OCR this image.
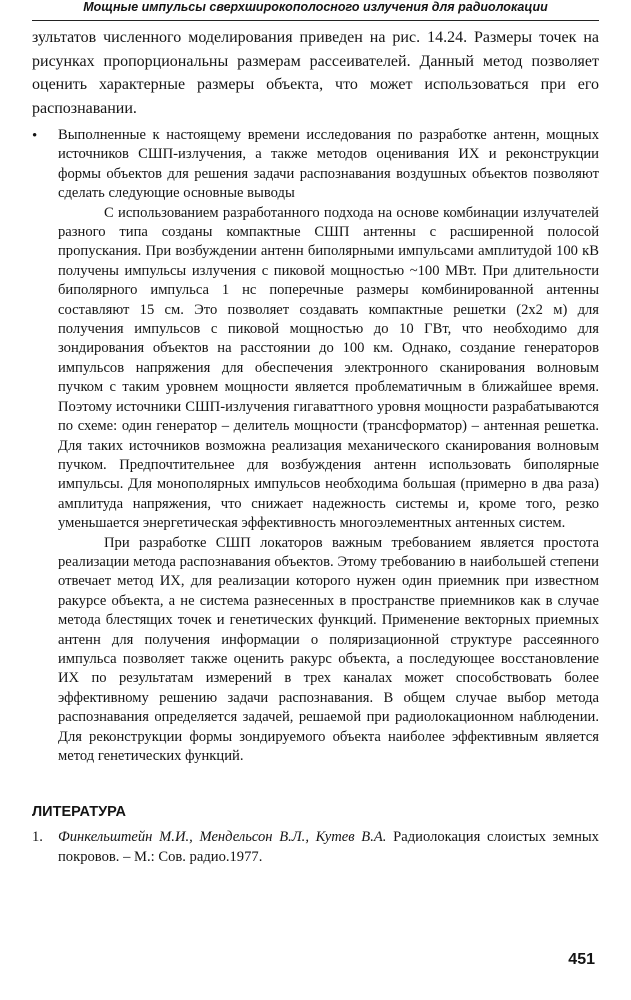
Мощные импульсы сверхширокополосного излучения для радиолокации

зультатов численного моделирования приведен на рис. 14.24. Размеры точек на рисунках пропорциональны размерам рассеивателей. Данный метод позволяет оценить характерные размеры объекта, что может использоваться при его распознавании.

•	Выполненные к настоящему времени исследования по разработке антенн, мощных источников СШП-излучения, а также методов оценивания ИХ и реконструкции формы объектов для решения задачи распознавания воздушных объектов позволяют сделать следующие основные выводы

С использованием разработанного подхода на основе комбинации излучателей разного типа созданы компактные СШП антенны с расширенной полосой пропускания. При возбуждении антенн биполярными импульсами амплитудой 100 кВ получены импульсы излучения с пиковой мощностью ~100 МВт. При длительности биполярного импульса 1 нс поперечные размеры комбинированной антенны составляют 15 см. Это позволяет создавать компактные решетки (2х2 м) для получения импульсов с пиковой мощностью до 10 ГВт, что необходимо для зондирования объектов на расстоянии до 100 км. Однако, создание генераторов импульсов напряжения для обеспечения электронного сканирования волновым пучком с таким уровнем мощности является проблематичным в ближайшее время. Поэтому источники СШП-излучения гигаваттного уровня мощности разрабатываются по схеме: один генератор – делитель мощности (трансформатор) – антенная решетка. Для таких источников возможна реализация механического сканирования волновым пучком. Предпочтительнее для возбуждения антенн использовать биполярные импульсы. Для монополярных импульсов необходима большая (примерно в два раза) амплитуда напряжения, что снижает надежность системы и, кроме того, резко уменьшается энергетическая эффективность многоэлементных антенных систем.

При разработке СШП локаторов важным требованием является простота реализации метода распознавания объектов. Этому требованию в наибольшей степени отвечает метод ИХ, для реализации которого нужен один приемник при известном ракурсе объекта, а не система разнесенных в пространстве приемников как в случае метода блестящих точек и генетических функций. Применение векторных приемных антенн для получения информации о поляризационной структуре рассеянного импульса позволяет также оценить ракурс объекта, а последующее восстановление ИХ по результатам измерений в трех каналах может способствовать более эффективному решению задачи распознавания. В общем случае выбор метода распознавания определяется задачей, решаемой при радиолокационном наблюдении. Для реконструкции формы зондируемого объекта наиболее эффективным является метод генетических функций.

ЛИТЕРАТУРА
1.	Финкельштейн М.И., Мендельсон В.Л., Кутев В.А. Радиолокация слоистых земных покровов. – М.: Сов. радио.1977.

451
